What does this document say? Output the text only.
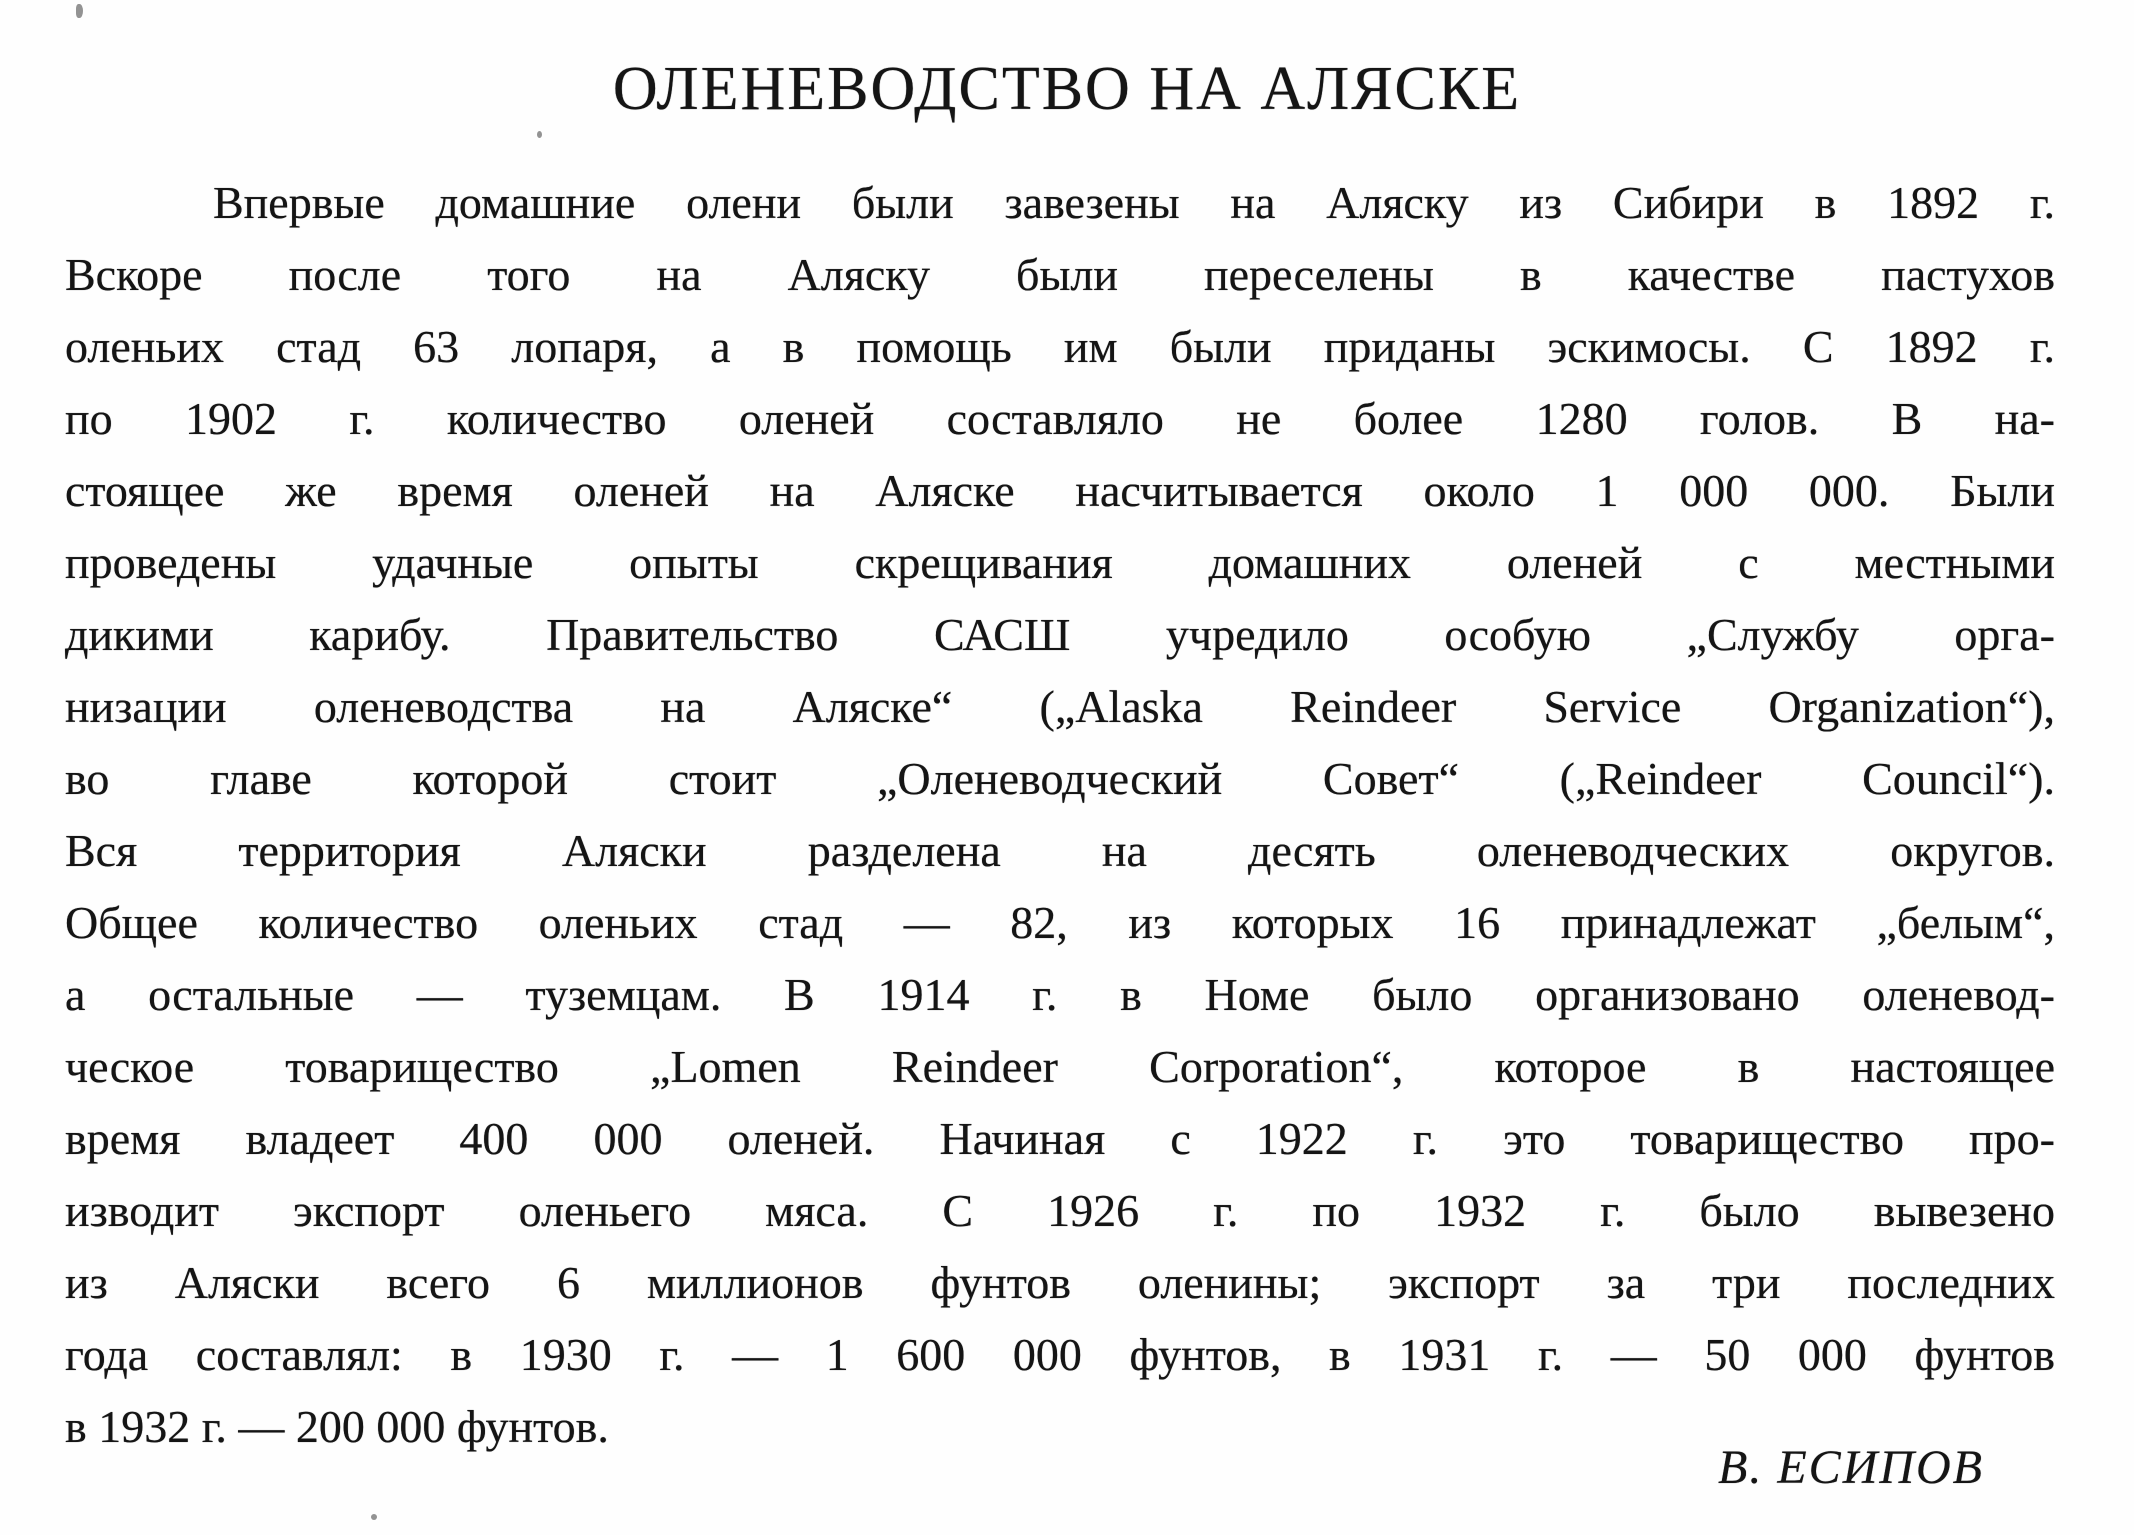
ОЛЕНЕВОДСТВО НА АЛЯСКЕ
Впервые домашние олени были завезены на Аляску из Сибири в 1892 г.
Вскоре после того на Аляску были переселены в качестве пастухов
оленьих стад 63 лопаря, а в помощь им были приданы эскимосы. С 1892 г.
по 1902 г. количество оленей составляло не более 1280 голов. В на-
стоящее же время оленей на Аляске насчитывается около 1 000 000. Были
проведены удачные опыты скрещивания домашних оленей с местными
дикими карибу. Правительство САСШ учредило особую „Службу орга-
низации оленеводства на Аляске“ („Alaska Reindeer Service Organization“),
во главе которой стоит „Оленеводческий Совет“ („Reindeer Council“).
Вся территория Аляски разделена на десять оленеводческих округов.
Общее количество оленьих стад — 82, из которых 16 принадлежат „белым“,
а остальные — туземцам. В 1914 г. в Номе было организовано оленевод-
ческое товарищество „Lomen Reindeer Corporation“, которое в настоящее
время владеет 400 000 оленей. Начиная с 1922 г. это товарищество про-
изводит экспорт оленьего мяса. С 1926 г. по 1932 г. было вывезено
из Аляски всего 6 миллионов фунтов оленины; экспорт за три последних
года составлял: в 1930 г. — 1 600 000 фунтов, в 1931 г. — 50 000 фунтов
в 1932 г. — 200 000 фунтов.
В. ЕСИПОВ
